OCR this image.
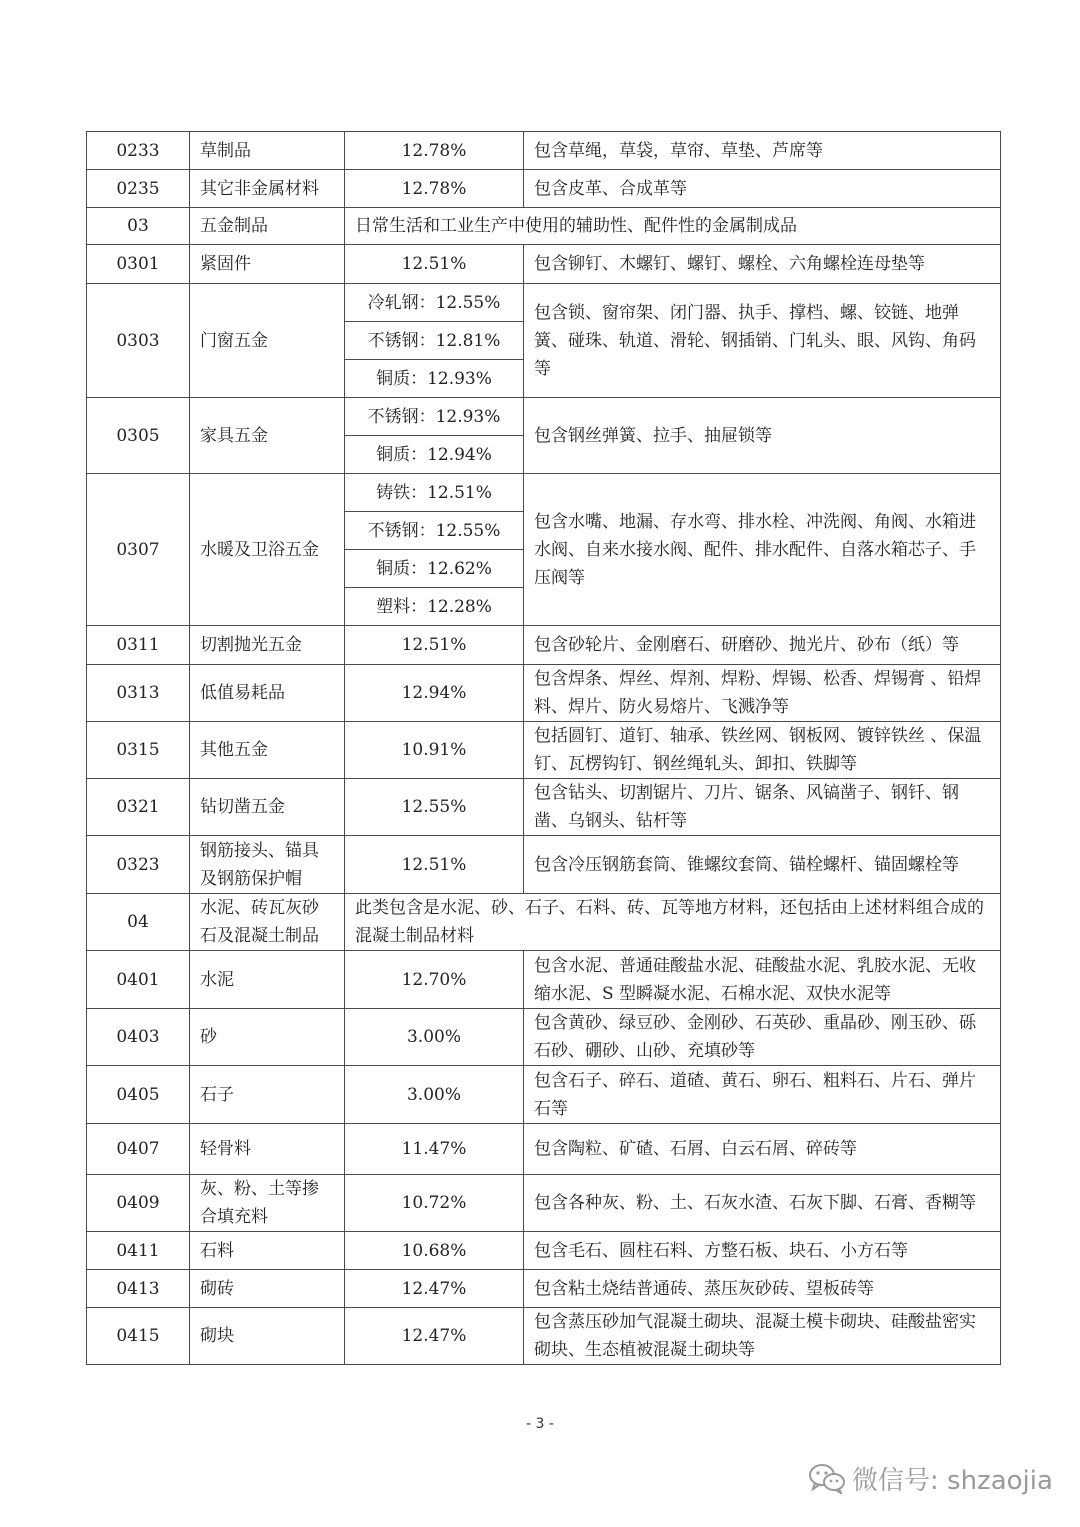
0233	草制品	12.78%	包含草绳，草袋，草帘、草垫、芦席等
0235	其它非金属材料	12.78%	包含皮革、合成革等
03	五金制品	日常生活和工业生产中使用的辅助性、配件性的金属制成品	
0301	紧固件	12.51%	包含铆钉、木螺钉、螺钉、螺栓、六角螺栓连母垫等
0303	门窗五金	冷轧钢：12.55%	包含锁、窗帘架、闭门器、执手、撑档、螺、铰链、地弹簧、碰珠、轨道、滑轮、钢插销、门轧头、眼、风钩、角码等
		不锈钢：12.81%	
		铜质：12.93%	
0305	家具五金	不锈钢：12.93%	包含钢丝弹簧、拉手、抽屉锁等
		铜质：12.94%	
0307	水暖及卫浴五金	铸铁：12.51%	包含水嘴、地漏、存水弯、排水栓、冲洗阀、角阀、水箱进水阀、自来水接水阀、配件、排水配件、自落水箱芯子、手压阀等
		不锈钢：12.55%	
		铜质：12.62%	
		塑料：12.28%	
0311	切割抛光五金	12.51%	包含砂轮片、金刚磨石、研磨砂、抛光片、砂布（纸）等
0313	低值易耗品	12.94%	包含焊条、焊丝、焊剂、焊粉、焊锡、松香、焊锡膏 、铅焊料、焊片、防火易熔片、飞溅净等
0315	其他五金	10.91%	包括圆钉、道钉、轴承、铁丝网、钢板网、镀锌铁丝 、保温钉、瓦楞钩钉、钢丝绳轧头、卸扣、铁脚等
0321	钻切凿五金	12.55%	包含钻头、切割锯片、刀片、锯条、风镐凿子、钢钎、钢凿、乌钢头、钻杆等
0323	钢筋接头、锚具及钢筋保护帽	12.51%	包含冷压钢筋套筒、锥螺纹套筒、锚栓螺杆、锚固螺栓等
04	水泥、砖瓦灰砂石及混凝土制品	此类包含是水泥、砂、石子、石料、砖、瓦等地方材料，还包括由上述材料组合成的混凝土制品材料	
0401	水泥	12.70%	包含水泥、普通硅酸盐水泥、硅酸盐水泥、乳胶水泥、无收缩水泥、S 型瞬凝水泥、石棉水泥、双快水泥等
0403	砂	3.00%	包含黄砂、绿豆砂、金刚砂、石英砂、重晶砂、刚玉砂、砾石砂、硼砂、山砂、充填砂等
0405	石子	3.00%	包含石子、碎石、道碴、黄石、卵石、粗料石、片石、弹片石等
0407	轻骨料	11.47%	包含陶粒、矿碴、石屑、白云石屑、碎砖等
0409	灰、粉、土等掺合填充料	10.72%	包含各种灰、粉、土、石灰水渣、石灰下脚、石膏、香糊等
0411	石料	10.68%	包含毛石、圆柱石料、方整石板、块石、小方石等
0413	砌砖	12.47%	包含粘土烧结普通砖、蒸压灰砂砖、望板砖等
0415	砌块	12.47%	包含蒸压砂加气混凝土砌块、混凝土模卡砌块、硅酸盐密实砌块、生态植被混凝土砌块等
- 3 -
微信号: shzaojia
